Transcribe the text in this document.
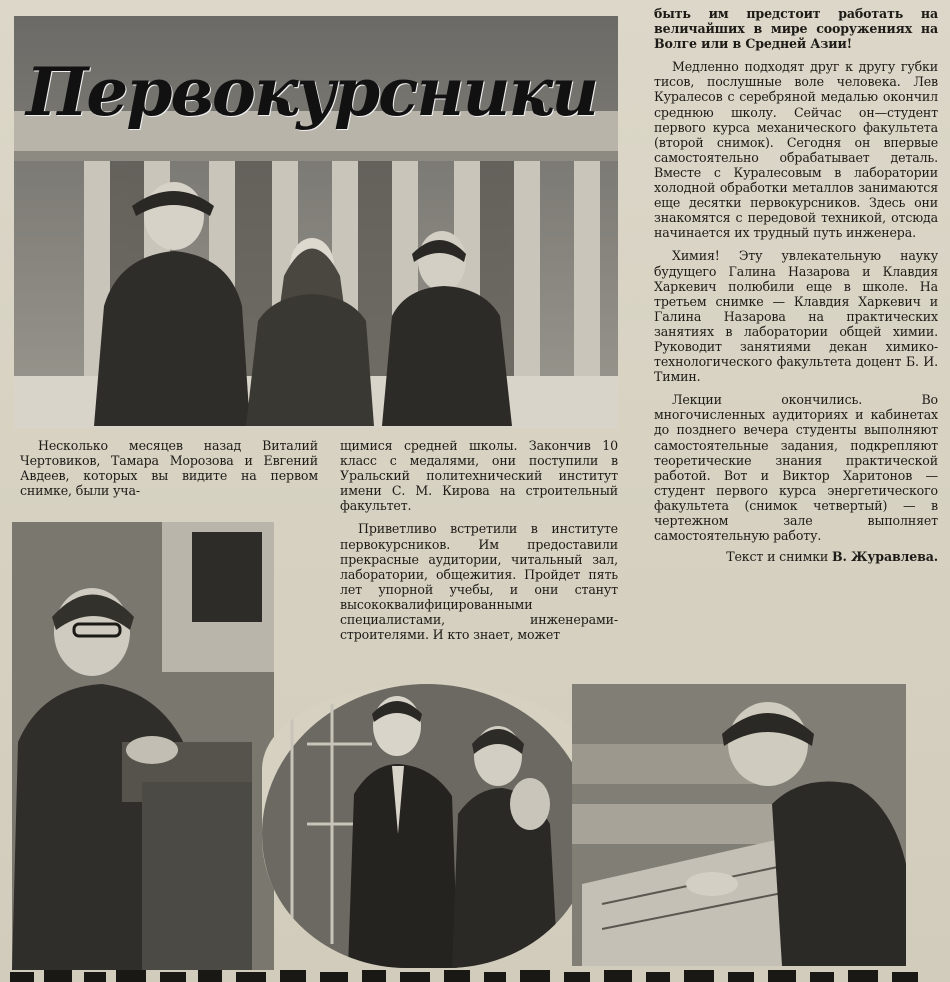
Первокурсники

Несколько месяцев назад Виталий Чертовиков, Тамара Морозова и Евгений Авдеев, которых вы видите на первом снимке, были уча-

щимися средней школы. Закончив 10 класс с медалями, они поступили в Уральский политехнический институт имени С. М. Кирова на строительный факультет.

Приветливо встретили в институте первокурсников. Им предоставили прекрасные аудитории, читальный зал, лаборатории, общежития. Пройдет пять лет упорной учебы, и они станут высококвалифицированными специалистами, инженерами-строителями. И кто знает, может

быть им предстоит работать на величайших в мире сооружениях на Волге или в Средней Азии!

Медленно подходят друг к другу губки тисов, послушные воле человека. Лев Куралесов с серебряной медалью окончил среднюю школу. Сейчас он—студент первого курса механического факультета (второй снимок). Сегодня он впервые самостоятельно обрабатывает деталь. Вместе с Куралесовым в лаборатории холодной обработки металлов занимаются еще десятки первокурсников. Здесь они знакомятся с передовой техникой, отсюда начинается их трудный путь инженера.

Химия! Эту увлекательную науку будущего Галина Назарова и Клавдия Харкевич полюбили еще в школе. На третьем снимке — Клавдия Харкевич и Галина Назарова на практических занятиях в лаборатории общей химии. Руководит занятиями декан химико-технологического факультета доцент Б. И. Тимин.

Лекции окончились. Во многочисленных аудиториях и кабинетах до позднего вечера студенты выполняют самостоятельные задания, подкрепляют теоретические знания практической работой. Вот и Виктор Харитонов — студент первого курса энергетического факультета (снимок четвертый) — в чертежном зале выполняет самостоятельную работу.

Текст и снимки В. Журавлева.
